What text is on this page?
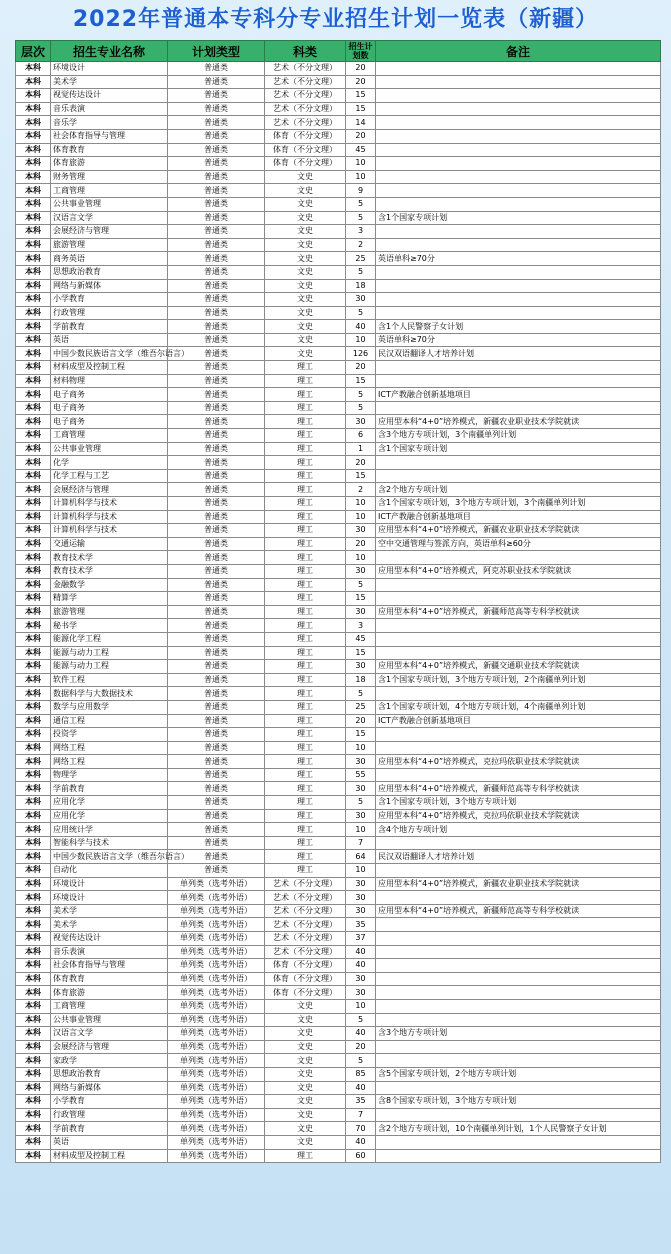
2022年普通本专科分专业招生计划一览表（新疆）
层次	招生专业名称	计划类型	科类	招生计划数	备注
本科	环境设计	普通类	艺术（不分文理）	20	
本科	美术学	普通类	艺术（不分文理）	20	
本科	视觉传达设计	普通类	艺术（不分文理）	15	
本科	音乐表演	普通类	艺术（不分文理）	15	
本科	音乐学	普通类	艺术（不分文理）	14	
本科	社会体育指导与管理	普通类	体育（不分文理）	20	
本科	体育教育	普通类	体育（不分文理）	45	
本科	体育旅游	普通类	体育（不分文理）	10	
本科	财务管理	普通类	文史	10	
本科	工商管理	普通类	文史	9	
本科	公共事业管理	普通类	文史	5	
本科	汉语言文学	普通类	文史	5	含1个国家专项计划
本科	会展经济与管理	普通类	文史	3	
本科	旅游管理	普通类	文史	2	
本科	商务英语	普通类	文史	25	英语单科≥70分
本科	思想政治教育	普通类	文史	5	
本科	网络与新媒体	普通类	文史	18	
本科	小学教育	普通类	文史	30	
本科	行政管理	普通类	文史	5	
本科	学前教育	普通类	文史	40	含1个人民警察子女计划
本科	英语	普通类	文史	10	英语单科≥70分
本科	中国少数民族语言文学（维吾尔语言）	普通类	文史	126	民汉双语翻译人才培养计划
本科	材料成型及控制工程	普通类	理工	20	
本科	材料物理	普通类	理工	15	
本科	电子商务	普通类	理工	5	ICT产教融合创新基地项目
本科	电子商务	普通类	理工	5	
本科	电子商务	普通类	理工	30	应用型本科“4+0”培养模式，新疆农业职业技术学院就读
本科	工商管理	普通类	理工	6	含3个地方专项计划，3个南疆单列计划
本科	公共事业管理	普通类	理工	1	含1个国家专项计划
本科	化学	普通类	理工	20	
本科	化学工程与工艺	普通类	理工	15	
本科	会展经济与管理	普通类	理工	2	含2个地方专项计划
本科	计算机科学与技术	普通类	理工	10	含1个国家专项计划，3个地方专项计划，3个南疆单列计划
本科	计算机科学与技术	普通类	理工	10	ICT产教融合创新基地项目
本科	计算机科学与技术	普通类	理工	30	应用型本科“4+0”培养模式，新疆农业职业技术学院就读
本科	交通运输	普通类	理工	20	空中交通管理与签派方向，英语单科≥60分
本科	教育技术学	普通类	理工	10	
本科	教育技术学	普通类	理工	30	应用型本科“4+0”培养模式，阿克苏职业技术学院就读
本科	金融数学	普通类	理工	5	
本科	精算学	普通类	理工	15	
本科	旅游管理	普通类	理工	30	应用型本科“4+0”培养模式，新疆师范高等专科学校就读
本科	秘书学	普通类	理工	3	
本科	能源化学工程	普通类	理工	45	
本科	能源与动力工程	普通类	理工	15	
本科	能源与动力工程	普通类	理工	30	应用型本科“4+0”培养模式，新疆交通职业技术学院就读
本科	软件工程	普通类	理工	18	含1个国家专项计划，3个地方专项计划，2个南疆单列计划
本科	数据科学与大数据技术	普通类	理工	5	
本科	数学与应用数学	普通类	理工	25	含1个国家专项计划，4个地方专项计划，4个南疆单列计划
本科	通信工程	普通类	理工	20	ICT产教融合创新基地项目
本科	投资学	普通类	理工	15	
本科	网络工程	普通类	理工	10	
本科	网络工程	普通类	理工	30	应用型本科“4+0”培养模式，克拉玛依职业技术学院就读
本科	物理学	普通类	理工	55	
本科	学前教育	普通类	理工	30	应用型本科“4+0”培养模式，新疆师范高等专科学校就读
本科	应用化学	普通类	理工	5	含1个国家专项计划，3个地方专项计划
本科	应用化学	普通类	理工	30	应用型本科“4+0”培养模式，克拉玛依职业技术学院就读
本科	应用统计学	普通类	理工	10	含4个地方专项计划
本科	智能科学与技术	普通类	理工	7	
本科	中国少数民族语言文学（维吾尔语言）	普通类	理工	64	民汉双语翻译人才培养计划
本科	自动化	普通类	理工	10	
本科	环境设计	单列类（选考外语）	艺术（不分文理）	30	应用型本科“4+0”培养模式，新疆农业职业技术学院就读
本科	环境设计	单列类（选考外语）	艺术（不分文理）	30	
本科	美术学	单列类（选考外语）	艺术（不分文理）	30	应用型本科“4+0”培养模式，新疆师范高等专科学校就读
本科	美术学	单列类（选考外语）	艺术（不分文理）	35	
本科	视觉传达设计	单列类（选考外语）	艺术（不分文理）	37	
本科	音乐表演	单列类（选考外语）	艺术（不分文理）	40	
本科	社会体育指导与管理	单列类（选考外语）	体育（不分文理）	40	
本科	体育教育	单列类（选考外语）	体育（不分文理）	30	
本科	体育旅游	单列类（选考外语）	体育（不分文理）	30	
本科	工商管理	单列类（选考外语）	文史	10	
本科	公共事业管理	单列类（选考外语）	文史	5	
本科	汉语言文学	单列类（选考外语）	文史	40	含3个地方专项计划
本科	会展经济与管理	单列类（选考外语）	文史	20	
本科	家政学	单列类（选考外语）	文史	5	
本科	思想政治教育	单列类（选考外语）	文史	85	含5个国家专项计划，2个地方专项计划
本科	网络与新媒体	单列类（选考外语）	文史	40	
本科	小学教育	单列类（选考外语）	文史	35	含8个国家专项计划，3个地方专项计划
本科	行政管理	单列类（选考外语）	文史	7	
本科	学前教育	单列类（选考外语）	文史	70	含2个地方专项计划，10个南疆单列计划，1个人民警察子女计划
本科	英语	单列类（选考外语）	文史	40	
本科	材料成型及控制工程	单列类（选考外语）	理工	60	
